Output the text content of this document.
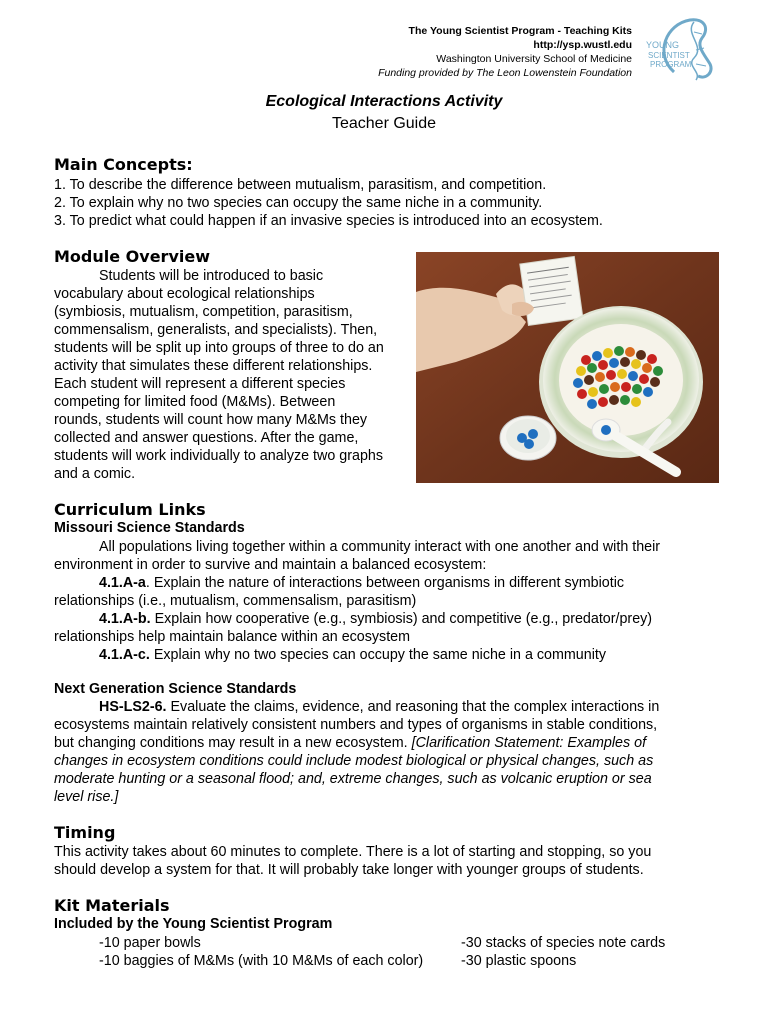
The Young Scientist Program - Teaching Kits
http://ysp.wustl.edu
Washington University School of Medicine
Funding provided by The Leon Lowenstein Foundation
YOUNG
SCIENTIST
PROGRAM
Ecological Interactions Activity
Teacher Guide
Main Concepts:
1. To describe the difference between mutualism, parasitism, and competition.
2. To explain why no two species can occupy the same niche in a community.
3. To predict what could happen if an invasive species is introduced into an ecosystem.
Module Overview
Students will be introduced to basic
vocabulary about ecological relationships
(symbiosis, mutualism, competition, parasitism,
commensalism, generalists, and specialists). Then,
students will be split up into groups of three to do an
activity that simulates these different relationships.
Each student will represent a different species
competing for limited food (M&Ms). Between
rounds, students will count how many M&Ms they
collected and answer questions. After the game,
students will work individually to analyze two graphs
and a comic.
Curriculum Links
Missouri Science Standards
All populations living together within a community interact with one another and with their
environment in order to survive and maintain a balanced ecosystem:
4.1.A-a. Explain the nature of interactions between organisms in different symbiotic
relationships (i.e., mutualism, commensalism, parasitism)
4.1.A-b. Explain how cooperative (e.g., symbiosis) and competitive (e.g., predator/prey)
relationships help maintain balance within an ecosystem
4.1.A-c. Explain why no two species can occupy the same niche in a community
Next Generation Science Standards
HS-LS2-6. Evaluate the claims, evidence, and reasoning that the complex interactions in
ecosystems maintain relatively consistent numbers and types of organisms in stable conditions,
but changing conditions may result in a new ecosystem. [Clarification Statement: Examples of
changes in ecosystem conditions could include modest biological or physical changes, such as
moderate hunting or a seasonal flood; and, extreme changes, such as volcanic eruption or sea
level rise.]
Timing
This activity takes about 60 minutes to complete. There is a lot of starting and stopping, so you
should develop a system for that. It will probably take longer with younger groups of students.
Kit Materials
Included by the Young Scientist Program
-10 paper bowls
-10 baggies of M&Ms (with 10 M&Ms of each color)
-30 stacks of species note cards
-30 plastic spoons
